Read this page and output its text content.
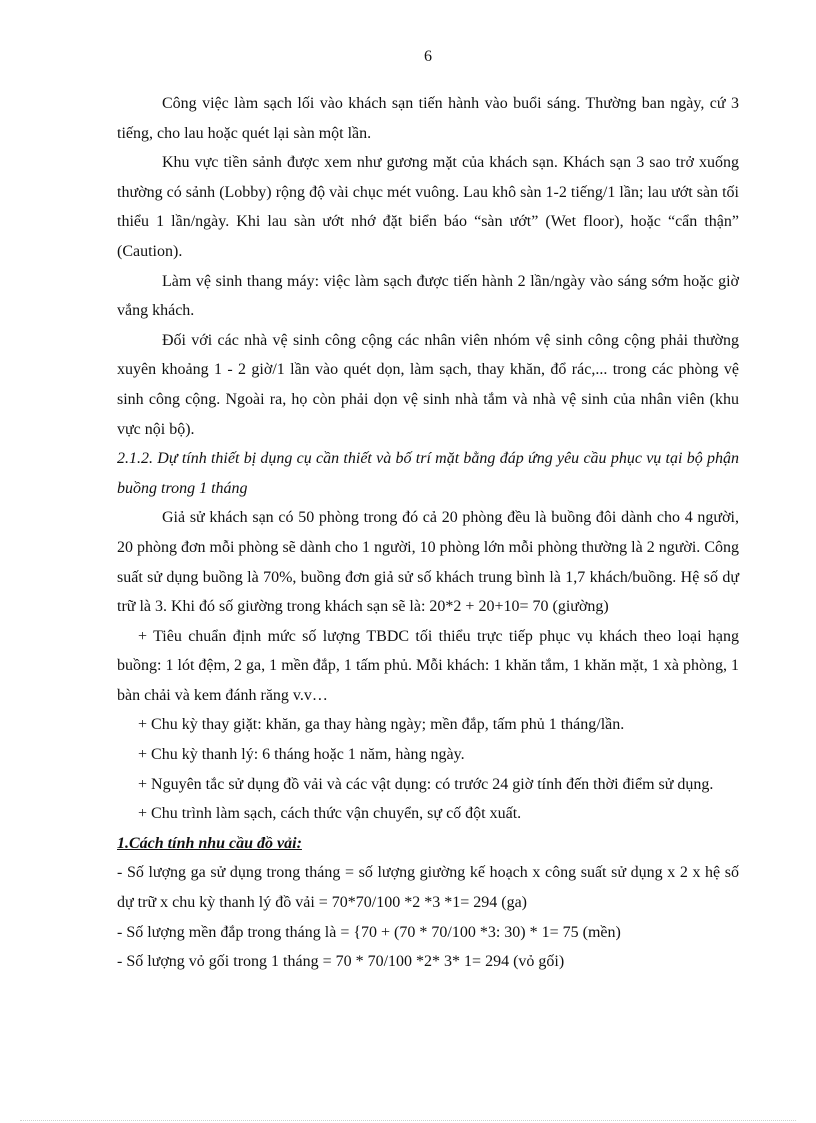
6

Công việc làm sạch lối vào khách sạn tiến hành vào buổi sáng. Thường ban ngày, cứ 3 tiếng, cho lau hoặc quét lại sàn một lần.

Khu vực tiền sảnh được xem như gương mặt của khách sạn. Khách sạn 3 sao trở xuống thường có sảnh (Lobby) rộng độ vài chục mét vuông. Lau khô sàn 1-2 tiếng/1 lần; lau ướt sàn tối thiểu 1 lần/ngày. Khi lau sàn ướt nhớ đặt biển báo “sàn ướt” (Wet floor), hoặc “cẩn thận” (Caution).

Làm vệ sinh thang máy: việc làm sạch được tiến hành 2 lần/ngày vào sáng sớm hoặc giờ vắng khách.

Đối với các nhà vệ sinh công cộng các nhân viên nhóm vệ sinh công cộng phải thường xuyên khoảng 1 - 2 giờ/1 lần vào quét dọn, làm sạch, thay khăn, đổ rác,... trong các phòng vệ sinh công cộng. Ngoài ra, họ còn phải dọn vệ sinh nhà tắm và nhà vệ sinh của nhân viên (khu vực nội bộ).

2.1.2. Dự tính thiết bị dụng cụ cần thiết và bố trí mặt bằng đáp ứng yêu cầu phục vụ tại bộ phận buồng trong 1 tháng

Giả sử khách sạn có 50 phòng trong đó cả 20 phòng đều là buồng đôi dành cho 4 người, 20 phòng đơn mỗi phòng sẽ dành cho 1 người, 10 phòng lớn mỗi phòng thường là 2 người. Công suất sử dụng buồng là 70%, buồng đơn giả sử số khách trung bình là 1,7 khách/buồng. Hệ số dự trữ là 3. Khi đó số giường trong khách sạn sẽ là: 20*2 + 20+10= 70 (giường)

+ Tiêu chuẩn định mức số lượng TBDC tối thiểu trực tiếp phục vụ khách theo loại hạng buồng: 1 lót đệm, 2 ga, 1 mền đắp, 1 tấm phủ. Mỗi khách: 1 khăn tắm, 1 khăn mặt, 1 xà phòng, 1 bàn chải và kem đánh răng v.v…

+ Chu kỳ thay giặt: khăn, ga thay hàng ngày; mền đắp, tấm phủ 1 tháng/lần.

+ Chu kỳ thanh lý: 6 tháng hoặc 1 năm, hàng ngày.

+ Nguyên tắc sử dụng đồ vải và các vật dụng: có trước 24 giờ tính đến thời điểm sử dụng.

+ Chu trình làm sạch, cách thức vận chuyển, sự cố đột xuất.

1.Cách tính nhu cầu đồ vải:

- Số lượng ga sử dụng trong tháng = số lượng giường kế hoạch x công suất sử dụng x 2 x hệ số dự trữ x chu kỳ thanh lý đồ vải = 70*70/100 *2 *3 *1= 294 (ga)

- Số lượng mền đắp trong tháng là = {70 + (70 * 70/100 *3: 30) * 1= 75 (mền)

- Số lượng vỏ gối trong 1 tháng = 70 * 70/100 *2* 3* 1= 294 (vỏ gối)
